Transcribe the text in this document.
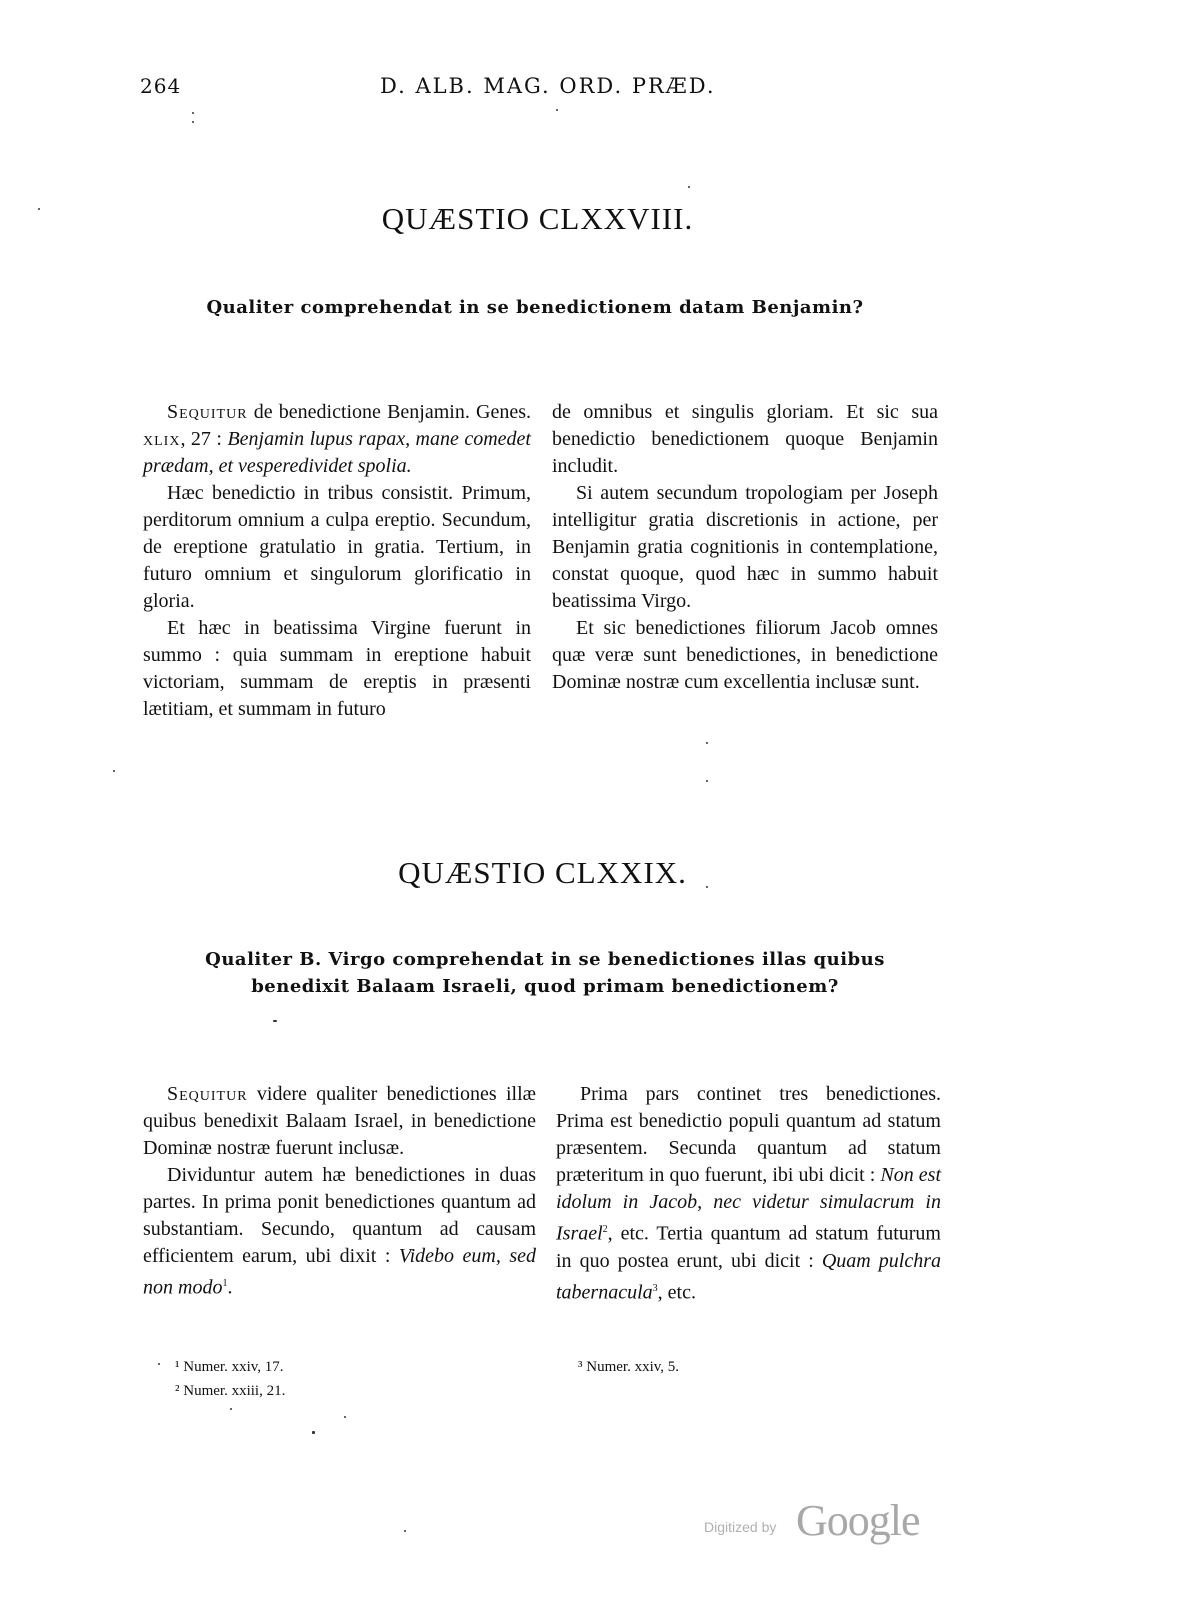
264	D. ALB. MAG. ORD. PRÆD.
QUÆSTIO CLXXVIII.
Qualiter comprehendat in se benedictionem datam Benjamin?

Sequitur de benedictione Benjamin. Genes. xlix, 27 : Benjamin lupus rapax, mane comedet prædam, et vesperedividet spolia.

Hæc benedictio in tribus consistit. Primum, perditorum omnium a culpa ereptio. Secundum, de ereptione gratulatio in gratia. Tertium, in futuro omnium et singulorum glorificatio in gloria.

Et hæc in beatissima Virgine fuerunt in summo : quia summam in ereptione habuit victoriam, summam de ereptis in præsenti lætitiam, et summam in futuro

de omnibus et singulis gloriam. Et sic sua benedictio benedictionem quoque Benjamin includit.

Si autem secundum tropologiam per Joseph intelligitur gratia discretionis in actione, per Benjamin gratia cognitionis in contemplatione, constat quoque, quod hæc in summo habuit beatissima Virgo.

Et sic benedictiones filiorum Jacob omnes quæ veræ sunt benedictiones, in benedictione Dominæ nostræ cum excellentia inclusæ sunt.

QUÆSTIO CLXXIX.
Qualiter B. Virgo comprehendat in se benedictiones illas quibus
benedixit Balaam Israeli, quod primam benedictionem?

Sequitur videre qualiter benedictiones illæ quibus benedixit Balaam Israel, in benedictione Dominæ nostræ fuerunt inclusæ.

Dividuntur autem hæ benedictiones in duas partes. In prima ponit benedictiones quantum ad substantiam. Secundo, quantum ad causam efficientem earum, ubi dixit : Videbo eum, sed non modo$^1$.

Prima pars continet tres benedictiones. Prima est benedictio populi quantum ad statum præsentem. Secunda quantum ad statum præteritum in quo fuerunt, ibi ubi dicit : Non est idolum in Jacob, nec videtur simulacrum in Israel$^2$, etc. Tertia quantum ad statum futurum in quo postea erunt, ubi dicit : Quam pulchra tabernacula$^3$, etc.

¹ Numer. xxiv, 17.
² Numer. xxiii, 21.
³ Numer. xxiv, 5.
Digitized by Google
